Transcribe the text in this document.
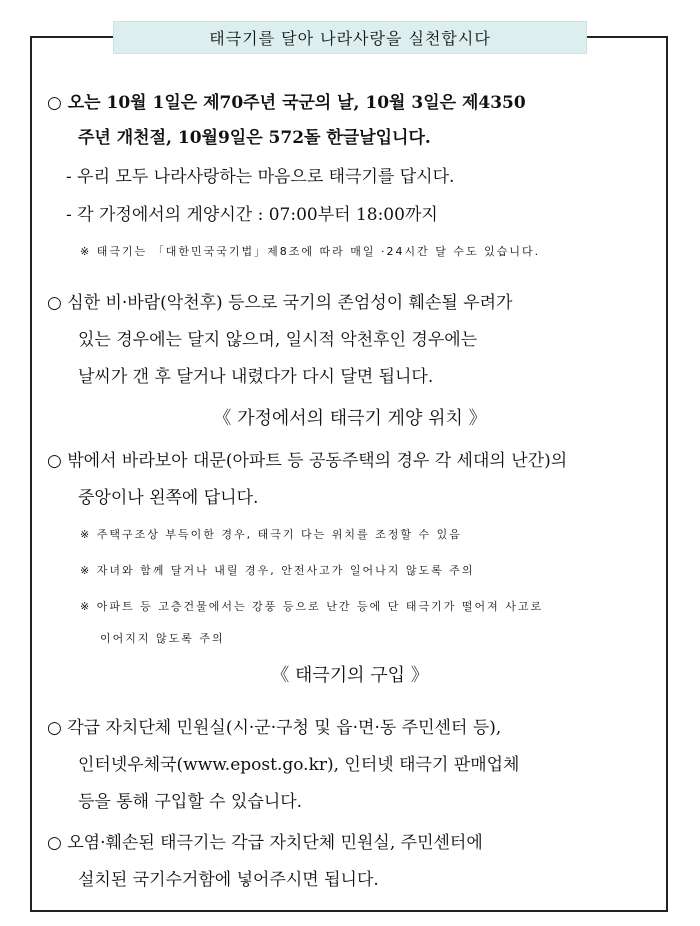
태극기를 달아 나라사랑을 실천합시다
○ 오는 10월 1일은 제70주년 국군의 날, 10월 3일은 제4350
주년 개천절, 10월9일은 572돌 한글날입니다.
- 우리 모두 나라사랑하는 마음으로 태극기를 답시다.
- 각 가정에서의 게양시간 : 07:00부터 18:00까지
※ 태극기는 「대한민국국기법」제8조에 따라 매일 ·24시간 달 수도 있습니다.
○ 심한 비·바람(악천후) 등으로 국기의 존엄성이 훼손될 우려가
있는 경우에는 달지 않으며, 일시적 악천후인 경우에는
날씨가 갠 후 달거나 내렸다가 다시 달면 됩니다.
《 가정에서의 태극기 게양 위치 》
○ 밖에서 바라보아 대문(아파트 등 공동주택의 경우 각 세대의 난간)의
중앙이나 왼쪽에 답니다.
※ 주택구조상 부득이한 경우, 태극기 다는 위치를 조정할 수 있음
※ 자녀와 함께 달거나 내릴 경우, 안전사고가 일어나지 않도록 주의
※ 아파트 등 고층건물에서는 강풍 등으로 난간 등에 단 태극기가 떨어져 사고로
이어지지 않도록 주의
《 태극기의 구입 》
○ 각급 자치단체 민원실(시·군·구청 및 읍·면·동 주민센터 등),
인터넷우체국(www.epost.go.kr), 인터넷 태극기 판매업체
등을 통해 구입할 수 있습니다.
○ 오염·훼손된 태극기는 각급 자치단체 민원실, 주민센터에
설치된 국기수거함에 넣어주시면 됩니다.
